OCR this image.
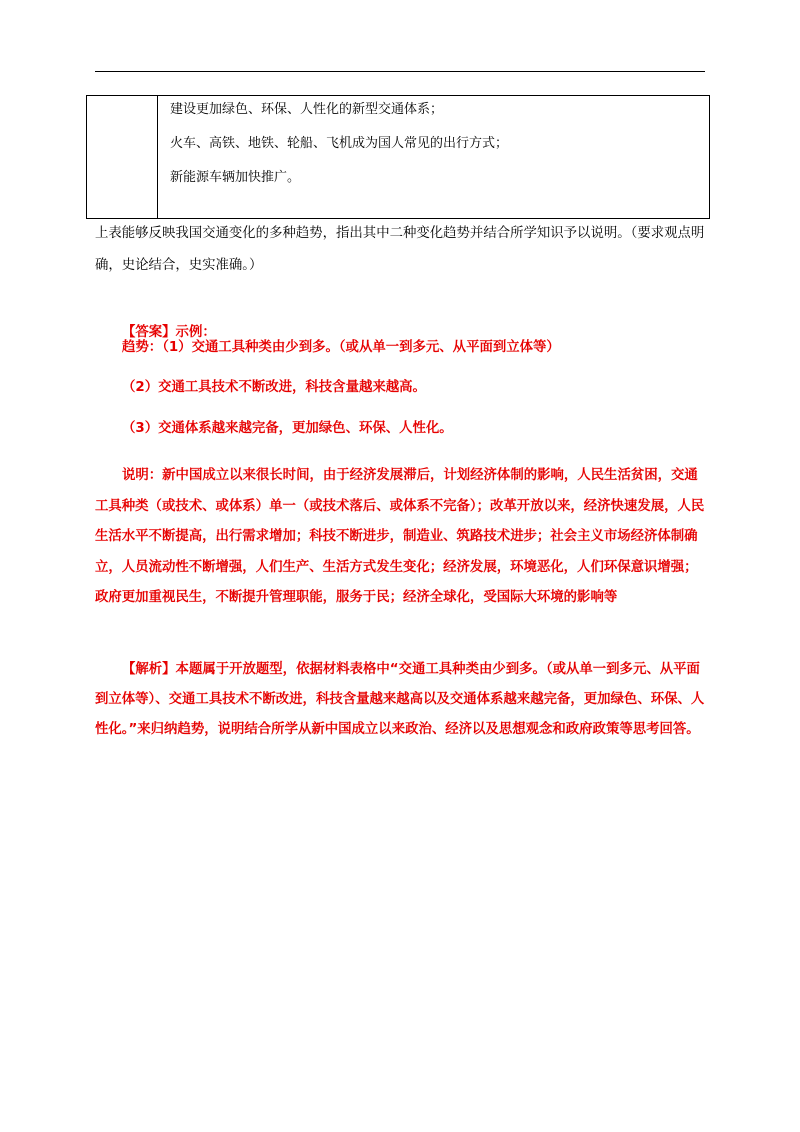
建设更加绿色、环保、人性化的新型交通体系；

火车、高铁、地铁、轮船、飞机成为国人常见的出行方式；

新能源车辆加快推广。

上表能够反映我国交通变化的多种趋势，指出其中二种变化趋势并结合所学知识予以说明。（要求观点明确，史论结合，史实准确。）

【答案】示例：

趋势：（1）交通工具种类由少到多。（或从单一到多元、从平面到立体等）

（2）交通工具技术不断改进，科技含量越来越高。

（3）交通体系越来越完备，更加绿色、环保、人性化。

说明：新中国成立以来很长时间，由于经济发展滞后，计划经济体制的影响，人民生活贫困，交通工具种类（或技术、或体系）单一（或技术落后、或体系不完备）；改革开放以来，经济快速发展，人民生活水平不断提高，出行需求增加；科技不断进步，制造业、筑路技术进步；社会主义市场经济体制确立，人员流动性不断增强，人们生产、生活方式发生变化；经济发展，环境恶化，人们环保意识增强；政府更加重视民生，不断提升管理职能，服务于民；经济全球化，受国际大环境的影响等

【解析】本题属于开放题型，依据材料表格中“交通工具种类由少到多。（或从单一到多元、从平面到立体等）、交通工具技术不断改进，科技含量越来越高以及交通体系越来越完备，更加绿色、环保、人性化。”来归纳趋势，说明结合所学从新中国成立以来政治、经济以及思想观念和政府政策等思考回答。
